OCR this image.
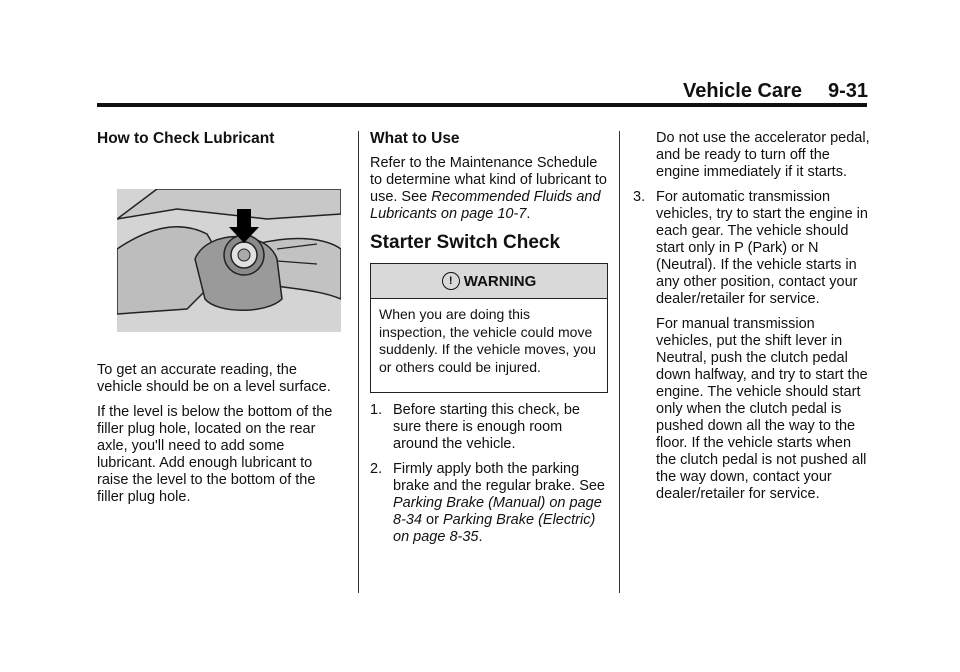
Vehicle Care 9-31
How to Check Lubricant

To get an accurate reading, the vehicle should be on a level surface.

If the level is below the bottom of the filler plug hole, located on the rear axle, you'll need to add some lubricant. Add enough lubricant to raise the level to the bottom of the filler plug hole.

What to Use

Refer to the Maintenance Schedule to determine what kind of lubricant to use. See Recommended Fluids and Lubricants on page 10-7.

Starter Switch Check
! WARNING
When you are doing this inspection, the vehicle could move suddenly. If the vehicle moves, you or others could be injured.
1. Before starting this check, be sure there is enough room around the vehicle.
2. Firmly apply both the parking brake and the regular brake. See Parking Brake (Manual) on page 8-34 or Parking Brake (Electric) on page 8-35.

Do not use the accelerator pedal, and be ready to turn off the engine immediately if it starts.

3. For automatic transmission vehicles, try to start the engine in each gear. The vehicle should start only in P (Park) or N (Neutral). If the vehicle starts in any other position, contact your dealer/retailer for service.

For manual transmission vehicles, put the shift lever in Neutral, push the clutch pedal down halfway, and try to start the engine. The vehicle should start only when the clutch pedal is pushed down all the way to the floor. If the vehicle starts when the clutch pedal is not pushed all the way down, contact your dealer/retailer for service.
